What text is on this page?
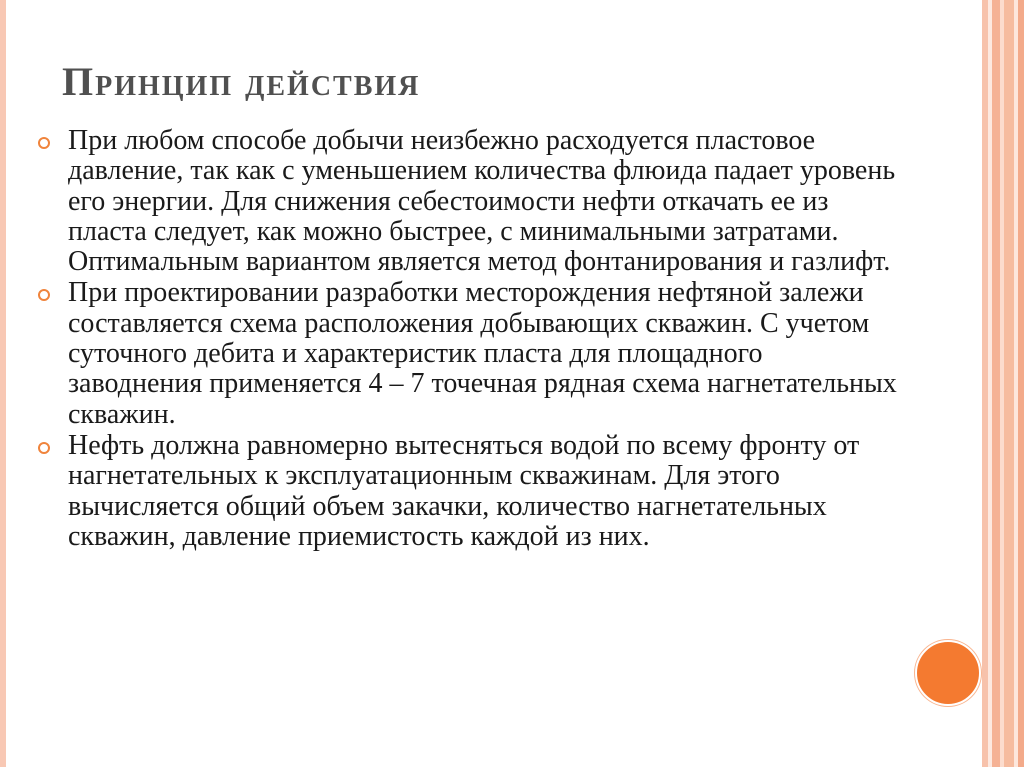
Принцип действия
При любом способе добычи неизбежно расходуется пластовое давление, так как с уменьшением количества флюида падает уровень его энергии. Для снижения себестоимости нефти откачать ее из пласта следует, как можно быстрее, с минимальными затратами. Оптимальным вариантом является метод фонтанирования и газлифт.
При проектировании разработки месторождения нефтяной залежи составляется схема расположения добывающих скважин. С учетом суточного дебита и характеристик пласта для площадного заводнения применяется 4 – 7 точечная рядная схема нагнетательных скважин.
Нефть должна равномерно вытесняться водой по всему фронту от нагнетательных к эксплуатационным скважинам. Для этого вычисляется общий объем закачки, количество нагнетательных скважин, давление приемистость каждой из них.
